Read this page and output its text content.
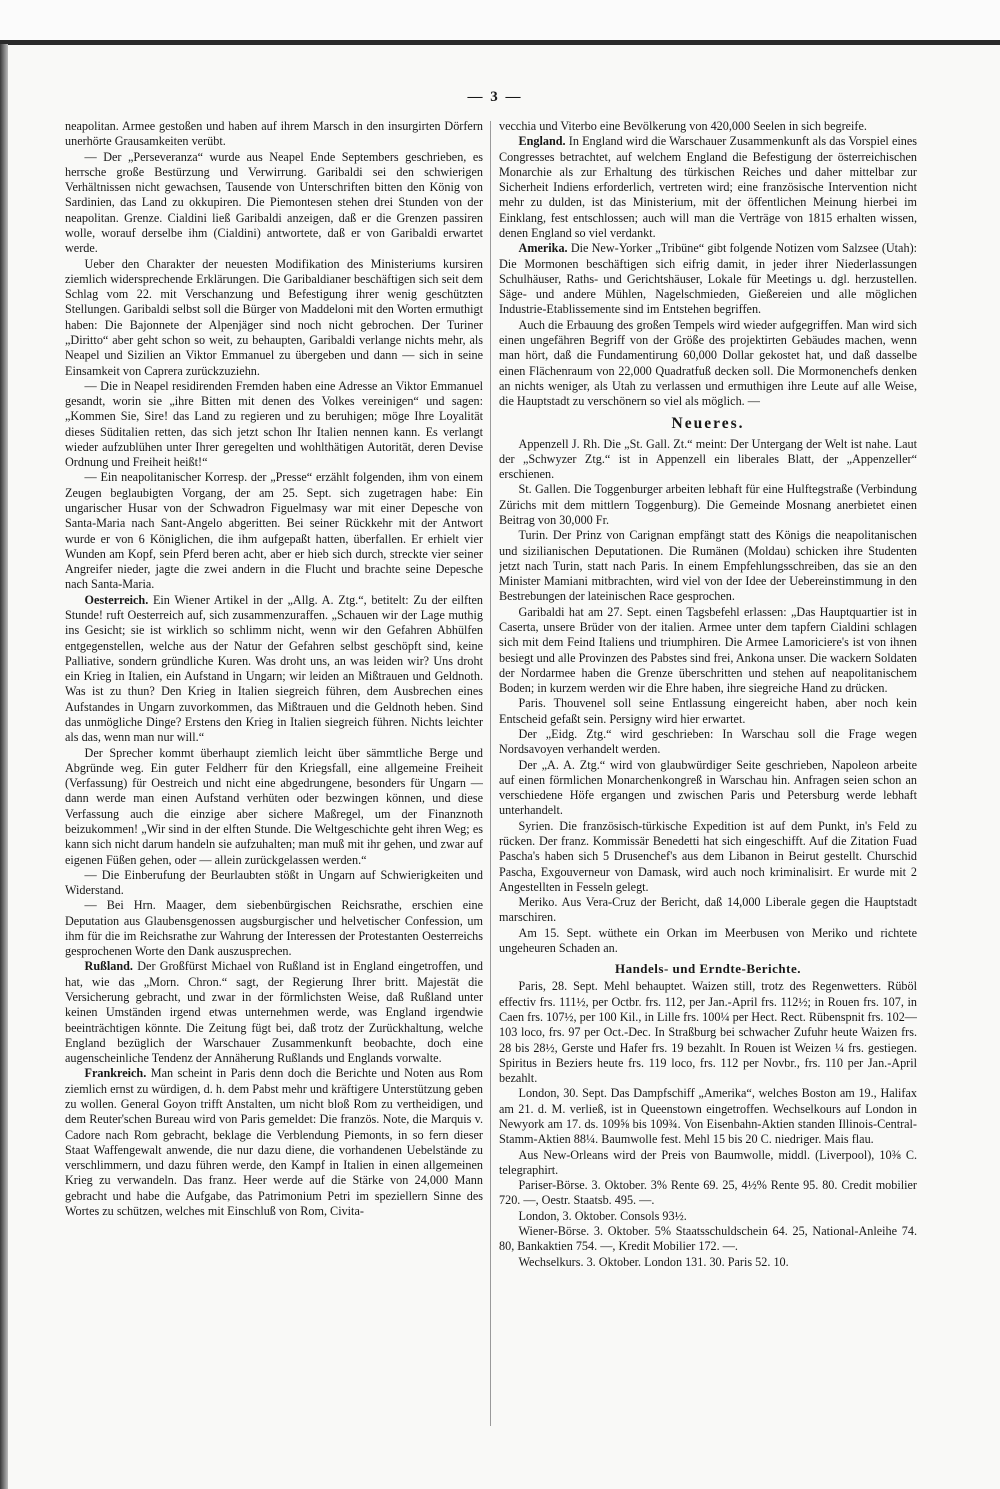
— 3 —

neapolitan. Armee gestoßen und haben auf ihrem Marsch in den insurgirten Dörfern unerhörte Grausamkeiten verübt.

— Der „Perseveranza“ wurde aus Neapel Ende Septembers geschrieben, es herrsche große Bestürzung und Verwirrung. Garibaldi sei den schwierigen Verhältnissen nicht gewachsen, Tausende von Unterschriften bitten den König von Sardinien, das Land zu okkupiren. Die Piemontesen stehen drei Stunden von der neapolitan. Grenze. Cialdini ließ Garibaldi anzeigen, daß er die Grenzen passiren wolle, worauf derselbe ihm (Cialdini) antwortete, daß er von Garibaldi erwartet werde.

Ueber den Charakter der neuesten Modifikation des Ministeriums kursiren ziemlich widersprechende Erklärungen. Die Garibaldianer beschäftigen sich seit dem Schlag vom 22. mit Verschanzung und Befestigung ihrer wenig geschützten Stellungen. Garibaldi selbst soll die Bürger von Maddeloni mit den Worten ermuthigt haben: Die Bajonnete der Alpenjäger sind noch nicht gebrochen. Der Turiner „Diritto“ aber geht schon so weit, zu behaupten, Garibaldi verlange nichts mehr, als Neapel und Sizilien an Viktor Emmanuel zu übergeben und dann — sich in seine Einsamkeit von Caprera zurückzuziehn.

— Die in Neapel residirenden Fremden haben eine Adresse an Viktor Emmanuel gesandt, worin sie „ihre Bitten mit denen des Volkes vereinigen“ und sagen: „Kommen Sie, Sire! das Land zu regieren und zu beruhigen; möge Ihre Loyalität dieses Süditalien retten, das sich jetzt schon Ihr Italien nennen kann. Es verlangt wieder aufzublühen unter Ihrer geregelten und wohlthätigen Autorität, deren Devise Ordnung und Freiheit heißt!“

— Ein neapolitanischer Korresp. der „Presse“ erzählt folgenden, ihm von einem Zeugen beglaubigten Vorgang, der am 25. Sept. sich zugetragen habe: Ein ungarischer Husar von der Schwadron Figuelmasy war mit einer Depesche von Santa-Maria nach Sant-Angelo abgeritten. Bei seiner Rückkehr mit der Antwort wurde er von 6 Königlichen, die ihm aufgepaßt hatten, überfallen. Er erhielt vier Wunden am Kopf, sein Pferd beren acht, aber er hieb sich durch, streckte vier seiner Angreifer nieder, jagte die zwei andern in die Flucht und brachte seine Depesche nach Santa-Maria.

Oesterreich. Ein Wiener Artikel in der „Allg. A. Ztg.“, betitelt: Zu der eilften Stunde! ruft Oesterreich auf, sich zusammenzuraffen. „Schauen wir der Lage muthig ins Gesicht; sie ist wirklich so schlimm nicht, wenn wir den Gefahren Abhülfen entgegenstellen, welche aus der Natur der Gefahren selbst geschöpft sind, keine Palliative, sondern gründliche Kuren. Was droht uns, an was leiden wir? Uns droht ein Krieg in Italien, ein Aufstand in Ungarn; wir leiden an Mißtrauen und Geldnoth. Was ist zu thun? Den Krieg in Italien siegreich führen, dem Ausbrechen eines Aufstandes in Ungarn zuvorkommen, das Mißtrauen und die Geldnoth heben. Sind das unmögliche Dinge? Erstens den Krieg in Italien siegreich führen. Nichts leichter als das, wenn man nur will.“

Der Sprecher kommt überhaupt ziemlich leicht über sämmtliche Berge und Abgründe weg. Ein guter Feldherr für den Kriegsfall, eine allgemeine Freiheit (Verfassung) für Oestreich und nicht eine abgedrungene, besonders für Ungarn — dann werde man einen Aufstand verhüten oder bezwingen können, und diese Verfassung auch die einzige aber sichere Maßregel, um der Finanznoth beizukommen! „Wir sind in der elften Stunde. Die Weltgeschichte geht ihren Weg; es kann sich nicht darum handeln sie aufzuhalten; man muß mit ihr gehen, und zwar auf eigenen Füßen gehen, oder — allein zurückgelassen werden.“

— Die Einberufung der Beurlaubten stößt in Ungarn auf Schwierigkeiten und Widerstand.

— Bei Hrn. Maager, dem siebenbürgischen Reichsrathe, erschien eine Deputation aus Glaubensgenossen augsburgischer und helvetischer Confession, um ihm für die im Reichsrathe zur Wahrung der Interessen der Protestanten Oesterreichs gesprochenen Worte den Dank auszusprechen.

Rußland. Der Großfürst Michael von Rußland ist in England eingetroffen, und hat, wie das „Morn. Chron.“ sagt, der Regierung Ihrer britt. Majestät die Versicherung gebracht, und zwar in der förmlichsten Weise, daß Rußland unter keinen Umständen irgend etwas unternehmen werde, was England irgendwie beeinträchtigen könnte. Die Zeitung fügt bei, daß trotz der Zurückhaltung, welche England bezüglich der Warschauer Zusammenkunft beobachte, doch eine augenscheinliche Tendenz der Annäherung Rußlands und Englands vorwalte.

Frankreich. Man scheint in Paris denn doch die Berichte und Noten aus Rom ziemlich ernst zu würdigen, d. h. dem Pabst mehr und kräftigere Unterstützung geben zu wollen. General Goyon trifft Anstalten, um nicht bloß Rom zu vertheidigen, und dem Reuter'schen Bureau wird von Paris gemeldet: Die französ. Note, die Marquis v. Cadore nach Rom gebracht, beklage die Verblendung Piemonts, in so fern dieser Staat Waffengewalt anwende, die nur dazu diene, die vorhandenen Uebelstände zu verschlimmern, und dazu führen werde, den Kampf in Italien in einen allgemeinen Krieg zu verwandeln. Das franz. Heer werde auf die Stärke von 24,000 Mann gebracht und habe die Aufgabe, das Patrimonium Petri im speziellern Sinne des Wortes zu schützen, welches mit Einschluß von Rom, Civita-

vecchia und Viterbo eine Bevölkerung von 420,000 Seelen in sich begreife.

England. In England wird die Warschauer Zusammenkunft als das Vorspiel eines Congresses betrachtet, auf welchem England die Befestigung der österreichischen Monarchie als zur Erhaltung des türkischen Reiches und daher mittelbar zur Sicherheit Indiens erforderlich, vertreten wird; eine französische Intervention nicht mehr zu dulden, ist das Ministerium, mit der öffentlichen Meinung hierbei im Einklang, fest entschlossen; auch will man die Verträge von 1815 erhalten wissen, denen England so viel verdankt.

Amerika. Die New-Yorker „Tribüne“ gibt folgende Notizen vom Salzsee (Utah): Die Mormonen beschäftigen sich eifrig damit, in jeder ihrer Niederlassungen Schulhäuser, Raths- und Gerichtshäuser, Lokale für Meetings u. dgl. herzustellen. Säge- und andere Mühlen, Nagelschmieden, Gießereien und alle möglichen Industrie-Etablissemente sind im Entstehen begriffen.

Auch die Erbauung des großen Tempels wird wieder aufgegriffen. Man wird sich einen ungefähren Begriff von der Größe des projektirten Gebäudes machen, wenn man hört, daß die Fundamentirung 60,000 Dollar gekostet hat, und daß dasselbe einen Flächenraum von 22,000 Quadratfuß decken soll. Die Mormonenchefs denken an nichts weniger, als Utah zu verlassen und ermuthigen ihre Leute auf alle Weise, die Hauptstadt zu verschönern so viel als möglich. —

Neueres.

Appenzell J. Rh. Die „St. Gall. Zt.“ meint: Der Untergang der Welt ist nahe. Laut der „Schwyzer Ztg.“ ist in Appenzell ein liberales Blatt, der „Appenzeller“ erschienen.

St. Gallen. Die Toggenburger arbeiten lebhaft für eine Hulftegstraße (Verbindung Zürichs mit dem mittlern Toggenburg). Die Gemeinde Mosnang anerbietet einen Beitrag von 30,000 Fr.

Turin. Der Prinz von Carignan empfängt statt des Königs die neapolitanischen und sizilianischen Deputationen. Die Rumänen (Moldau) schicken ihre Studenten jetzt nach Turin, statt nach Paris. In einem Empfehlungsschreiben, das sie an den Minister Mamiani mitbrachten, wird viel von der Idee der Uebereinstimmung in den Bestrebungen der lateinischen Race gesprochen.

Garibaldi hat am 27. Sept. einen Tagsbefehl erlassen: „Das Hauptquartier ist in Caserta, unsere Brüder von der italien. Armee unter dem tapfern Cialdini schlagen sich mit dem Feind Italiens und triumphiren. Die Armee Lamoriciere's ist von ihnen besiegt und alle Provinzen des Pabstes sind frei, Ankona unser. Die wackern Soldaten der Nordarmee haben die Grenze überschritten und stehen auf neapolitanischem Boden; in kurzem werden wir die Ehre haben, ihre siegreiche Hand zu drücken.

Paris. Thouvenel soll seine Entlassung eingereicht haben, aber noch kein Entscheid gefaßt sein. Persigny wird hier erwartet.

Der „Eidg. Ztg.“ wird geschrieben: In Warschau soll die Frage wegen Nordsavoyen verhandelt werden.

Der „A. A. Ztg.“ wird von glaubwürdiger Seite geschrieben, Napoleon arbeite auf einen förmlichen Monarchenkongreß in Warschau hin. Anfragen seien schon an verschiedene Höfe ergangen und zwischen Paris und Petersburg werde lebhaft unterhandelt.

Syrien. Die französisch-türkische Expedition ist auf dem Punkt, in's Feld zu rücken. Der franz. Kommissär Benedetti hat sich eingeschifft. Auf die Zitation Fuad Pascha's haben sich 5 Drusenchef's aus dem Libanon in Beirut gestellt. Churschid Pascha, Exgouverneur von Damask, wird auch noch kriminalisirt. Er wurde mit 2 Angestellten in Fesseln gelegt.

Meriko. Aus Vera-Cruz der Bericht, daß 14,000 Liberale gegen die Hauptstadt marschiren.

Am 15. Sept. wüthete ein Orkan im Meerbusen von Meriko und richtete ungeheuren Schaden an.

Handels- und Erndte-Berichte.

Paris, 28. Sept. Mehl behauptet. Waizen still, trotz des Regenwetters. Rüböl effectiv frs. 111½, per Octbr. frs. 112, per Jan.-April frs. 112½; in Rouen frs. 107, in Caen frs. 107½, per 100 Kil., in Lille frs. 100¼ per Hect. Rect. Rübenspnit frs. 102—103 loco, frs. 97 per Oct.-Dec. In Straßburg bei schwacher Zufuhr heute Waizen frs. 28 bis 28½, Gerste und Hafer frs. 19 bezahlt. In Rouen ist Weizen ¼ frs. gestiegen. Spiritus in Beziers heute frs. 119 loco, frs. 112 per Novbr., frs. 110 per Jan.-April bezahlt.

London, 30. Sept. Das Dampfschiff „Amerika“, welches Boston am 19., Halifax am 21. d. M. verließ, ist in Queenstown eingetroffen. Wechselkours auf London in Newyork am 17. ds. 109⅝ bis 109¾. Von Eisenbahn-Aktien standen Illinois-Central-Stamm-Aktien 88¼. Baumwolle fest. Mehl 15 bis 20 C. niedriger. Mais flau.

Aus New-Orleans wird der Preis von Baumwolle, middl. (Liverpool), 10⅜ C. telegraphirt.

Pariser-Börse. 3. Oktober. 3% Rente 69. 25, 4½% Rente 95. 80. Credit mobilier 720. —, Oestr. Staatsb. 495. —.

London, 3. Oktober. Consols 93½.

Wiener-Börse. 3. Oktober. 5% Staatsschuldschein 64. 25, National-Anleihe 74. 80, Bankaktien 754. —, Kredit Mobilier 172. —.

Wechselkurs. 3. Oktober. London 131. 30. Paris 52. 10.
